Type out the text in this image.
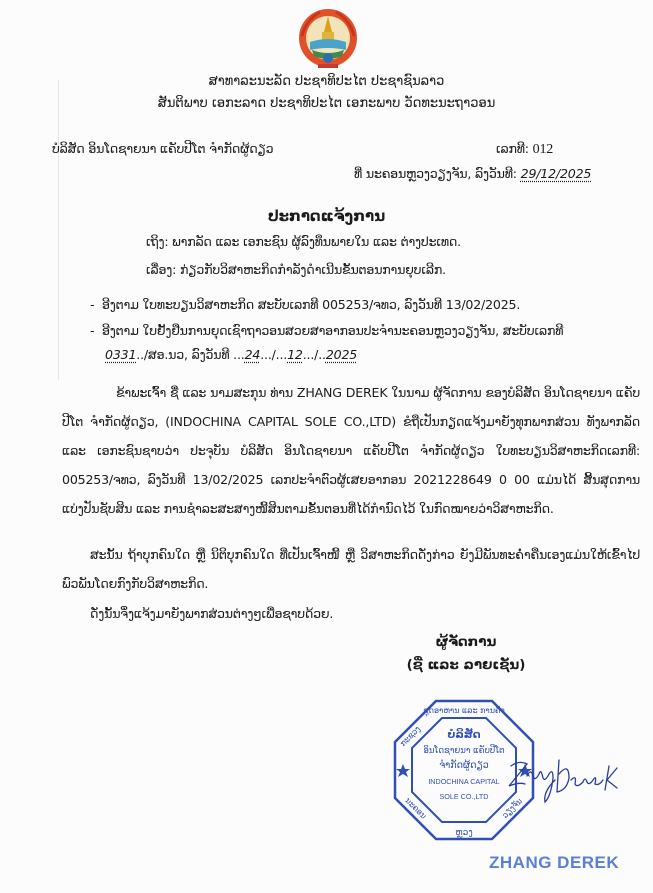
ສາທາລະນະລັດ ປະຊາທິປະໄຕ ປະຊາຊົນລາວ
ສັນຕິພາບ ເອກະລາດ ປະຊາທິປະໄຕ ເອກະພາບ ວັດທະນະຖາວອນ
ບໍລິສັດ ອິນໂດຊາຍນາ ແຄັບປີໂຕ ຈຳກັດຜູ້ດຽວ	ເລກທີ: 012
ທີ່ ນະຄອນຫຼວງວຽງຈັນ, ລົງວັນທີ: 29/12/2025
ປະກາດແຈ້ງການ
ເຖິງ: ພາກລັດ ແລະ ເອກະຊົນ ຜູ້ລົງທຶນພາຍໃນ ແລະ ຕ່າງປະເທດ.
ເລື່ອງ: ກ່ຽວກັບວິສາຫະກິດກຳລັງດຳເນີນຂັ້ນຕອນການຍຸບເລີກ.
- ອີງຕາມ ໃບທະບຽນວິສາຫະກິດ ສະບັບເລກທີ 005253/ຈທວ, ລົງວັນທີ 13/02/2025.
- ອີງຕາມ ໃບຢັ້ງຢືນການຍຸດເຊົາຖາວອນສວຍສາອາກອນປະຈຳນະຄອນຫຼວງວຽງຈັນ, ສະບັບເລກທີ
0331../ສອ.ນວ, ລົງວັນທີ ...24.../...12.../..2025
ຂ້າພະເຈົ້າ ຊື່ ແລະ ນາມສະກຸນ ທ່ານ ZHANG DEREK ໃນນາມ ຜູ້ຈັດການ ຂອງບໍລິສັດ ອິນໂດຊາຍນາ ແຄັບປີໂຕ ຈຳກັດຜູ້ດຽວ, (INDOCHINA CAPITAL SOLE CO.,LTD) ຂໍຖືເປັນກຽດແຈ້ງມາຍັງທຸກພາກສ່ວນ ທັງພາກລັດ ແລະ ເອກະຊົນຊາບວ່າ ປະຈຸບັນ ບໍລິສັດ ອິນໂດຊາຍນາ ແຄັບປີໂຕ ຈຳກັດຜູ້ດຽວ ໃບທະບຽນວິສາຫະກິດເລກທີ: 005253/ຈທວ, ລົງວັນທີ 13/02/2025 ເລກປະຈຳຕົວຜູ້ເສຍອາກອນ 2021228649 0 00 ແມ່ນໄດ້ ສິ້ນສຸດການແບ່ງປັນຊັບສິນ ແລະ ການຊຳລະສະສາງໜີ້ສິນຕາມຂັ້ນຕອນທີ່ໄດ້ກຳນົດໄວ້ ໃນກົດໝາຍວ່າວິສາຫະກິດ.
ສະນັ້ນ ຖ້າບຸກຄົນໃດ ຫຼື ນິຕິບຸກຄົນໃດ ທີ່ເປັນເຈົ້າໜີ້ ຫຼື ວິສາຫະກິດດັ່ງກ່າວ ຍັງມີພັນທະຄ່ຳຄືນເອງແມ່ນໃຫ້ເຂົ້າໄປພົວພັນໂດຍກົງກັບວິສາຫະກິດ.
ດັ່ງນັ້ນຈຶ່ງແຈ້ງມາຍັງພາກສ່ວນຕ່າງໆເພື່ອຊາບດ້ວຍ.
ຜູ້ຈັດການ
(ຊື່ ແລະ ລາຍເຊັນ)
ຊຸດອາຫານ ແລະ ການຄ້າ
ກະຊວງ
ນະຄອນ
ຫຼວງ
ວຽງຈັນ
ບໍລິສັດ
ອິນໂດຊາຍນາ ແຄັບປີໂຕ
ຈຳກັດຜູ້ດຽວ
INDOCHINA CAPITAL
SOLE CO.,LTD
ZHANG DEREK
